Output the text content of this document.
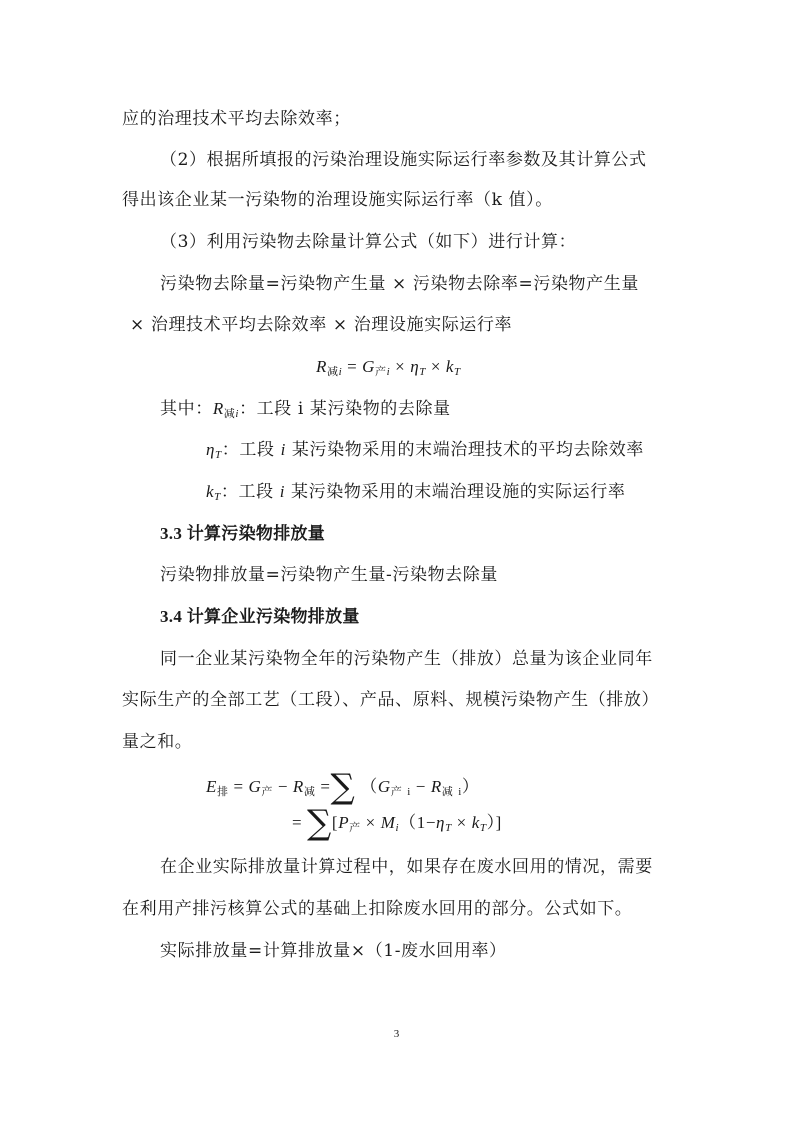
应的治理技术平均去除效率；
（2）根据所填报的污染治理设施实际运行率参数及其计算公式
得出该企业某一污染物的治理设施实际运行率（k 值）。
（3）利用污染物去除量计算公式（如下）进行计算：
污染物去除量=污染物产生量 × 污染物去除率=污染物产生量
× 治理技术平均去除效率 × 治理设施实际运行率
$R_{减i} = G_{产i} \times \eta_T \times k_T$
其中：$R_{减i}$：工段 i 某污染物的去除量
$\eta_T$：工段 i 某污染物采用的末端治理技术的平均去除效率
$k_T$：工段 i 某污染物采用的末端治理设施的实际运行率
3.3 计算污染物排放量
污染物排放量=污染物产生量-污染物去除量
3.4 计算企业污染物排放量
同一企业某污染物全年的污染物产生（排放）总量为该企业同年
实际生产的全部工艺（工段）、产品、原料、规模污染物产生（排放）
量之和。
$E_排 = G_产 - R_减$ =∑ （$G_产$ $_i - R_减$ $_i$）
= $\sum[P_产 \times M_i(1-\eta_T \times k_T)]$
在企业实际排放量计算过程中，如果存在废水回用的情况，需要
在利用产排污核算公式的基础上扣除废水回用的部分。公式如下。
实际排放量=计算排放量×（1-废水回用率）
3
